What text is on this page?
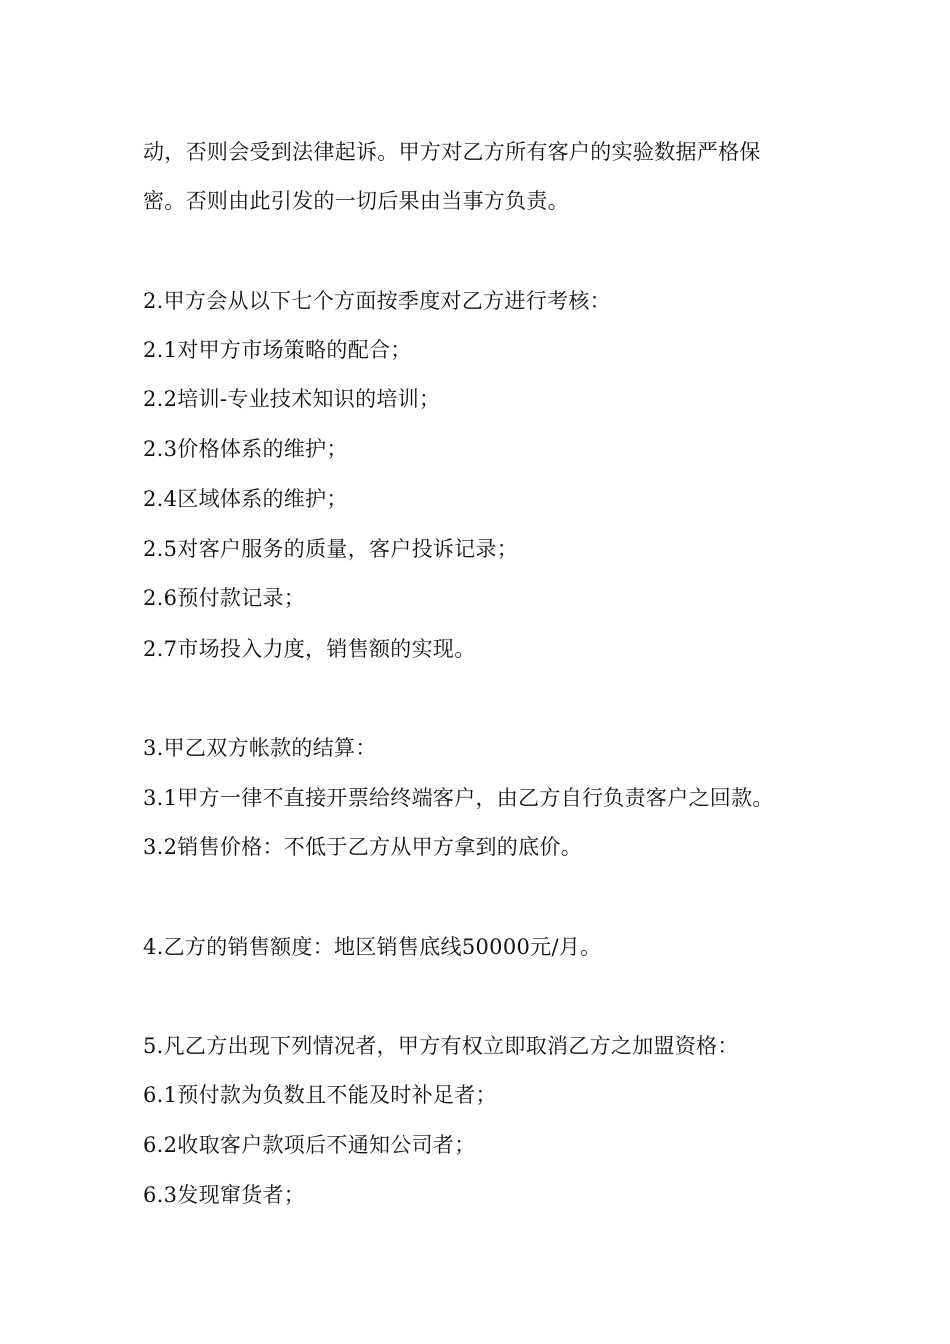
动，否则会受到法律起诉。甲方对乙方所有客户的实验数据严格保
密。否则由此引发的一切后果由当事方负责。
2.甲方会从以下七个方面按季度对乙方进行考核：
2.1对甲方市场策略的配合；
2.2培训-专业技术知识的培训；
2.3价格体系的维护；
2.4区域体系的维护；
2.5对客户服务的质量，客户投诉记录；
2.6预付款记录；
2.7市场投入力度，销售额的实现。
3.甲乙双方帐款的结算：
3.1甲方一律不直接开票给终端客户，由乙方自行负责客户之回款。
3.2销售价格：不低于乙方从甲方拿到的底价。
4.乙方的销售额度：地区销售底线50000元/月。
5.凡乙方出现下列情况者，甲方有权立即取消乙方之加盟资格：
6.1预付款为负数且不能及时补足者；
6.2收取客户款项后不通知公司者；
6.3发现窜货者；
